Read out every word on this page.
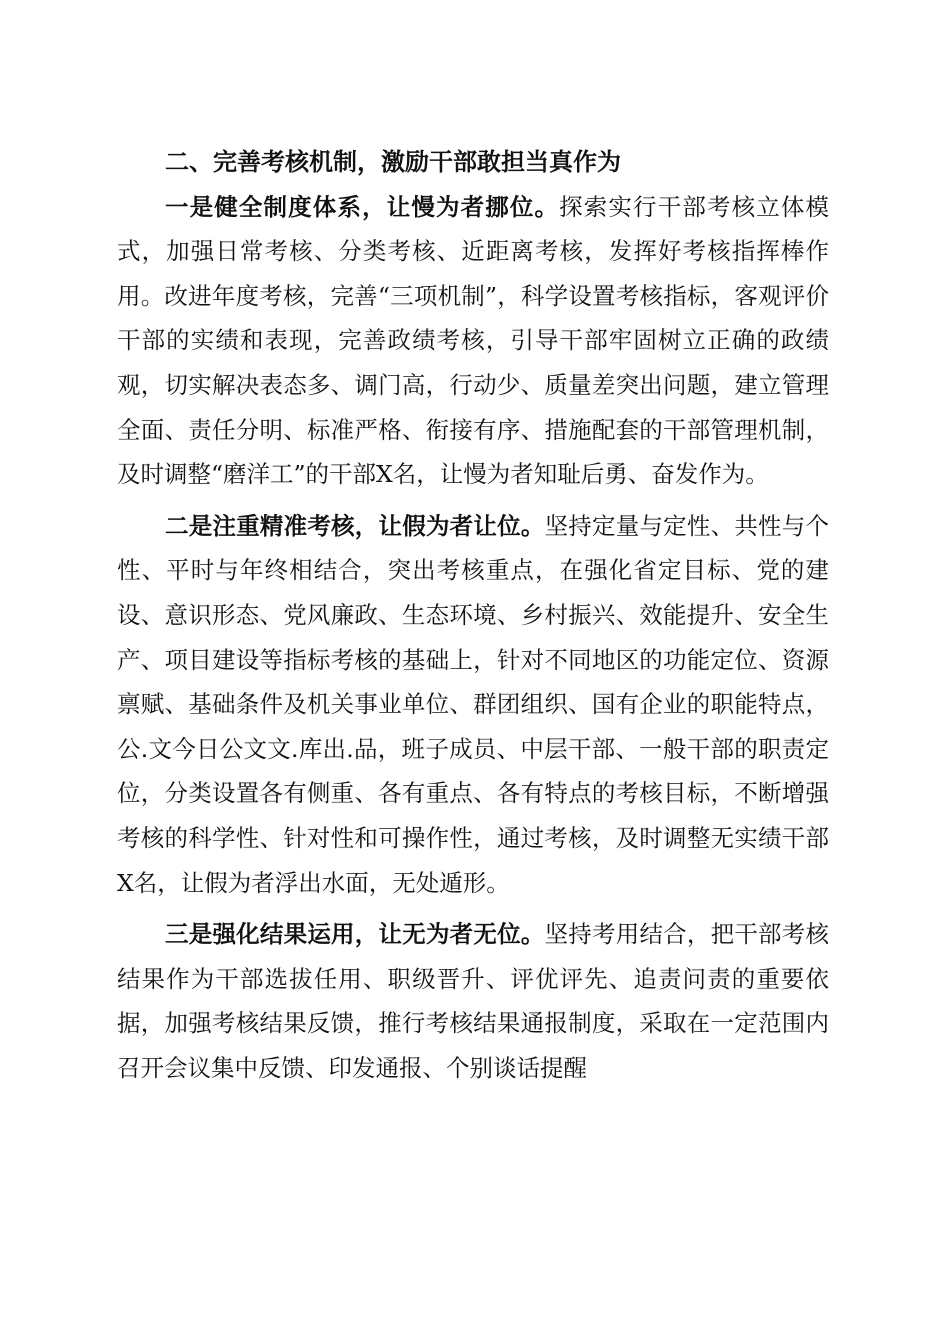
二、完善考核机制，激励干部敢担当真作为

一是健全制度体系，让慢为者挪位。探索实行干部考核立体模式，加强日常考核、分类考核、近距离考核，发挥好考核指挥棒作用。改进年度考核，完善“三项机制”，科学设置考核指标，客观评价干部的实绩和表现，完善政绩考核，引导干部牢固树立正确的政绩观，切实解决表态多、调门高，行动少、质量差突出问题，建立管理全面、责任分明、标准严格、衔接有序、措施配套的干部管理机制，及时调整“磨洋工”的干部X名，让慢为者知耻后勇、奋发作为。

二是注重精准考核，让假为者让位。坚持定量与定性、共性与个性、平时与年终相结合，突出考核重点，在强化省定目标、党的建设、意识形态、党风廉政、生态环境、乡村振兴、效能提升、安全生产、项目建设等指标考核的基础上，针对不同地区的功能定位、资源禀赋、基础条件及机关事业单位、群团组织、国有企业的职能特点，公.文今日公文文.库出.品，班子成员、中层干部、一般干部的职责定位，分类设置各有侧重、各有重点、各有特点的考核目标，不断增强考核的科学性、针对性和可操作性，通过考核，及时调整无实绩干部X名，让假为者浮出水面，无处遁形。

三是强化结果运用，让无为者无位。坚持考用结合，把干部考核结果作为干部选拔任用、职级晋升、评优评先、追责问责的重要依据，加强考核结果反馈，推行考核结果通报制度，采取在一定范围内召开会议集中反馈、印发通报、个别谈话提醒
